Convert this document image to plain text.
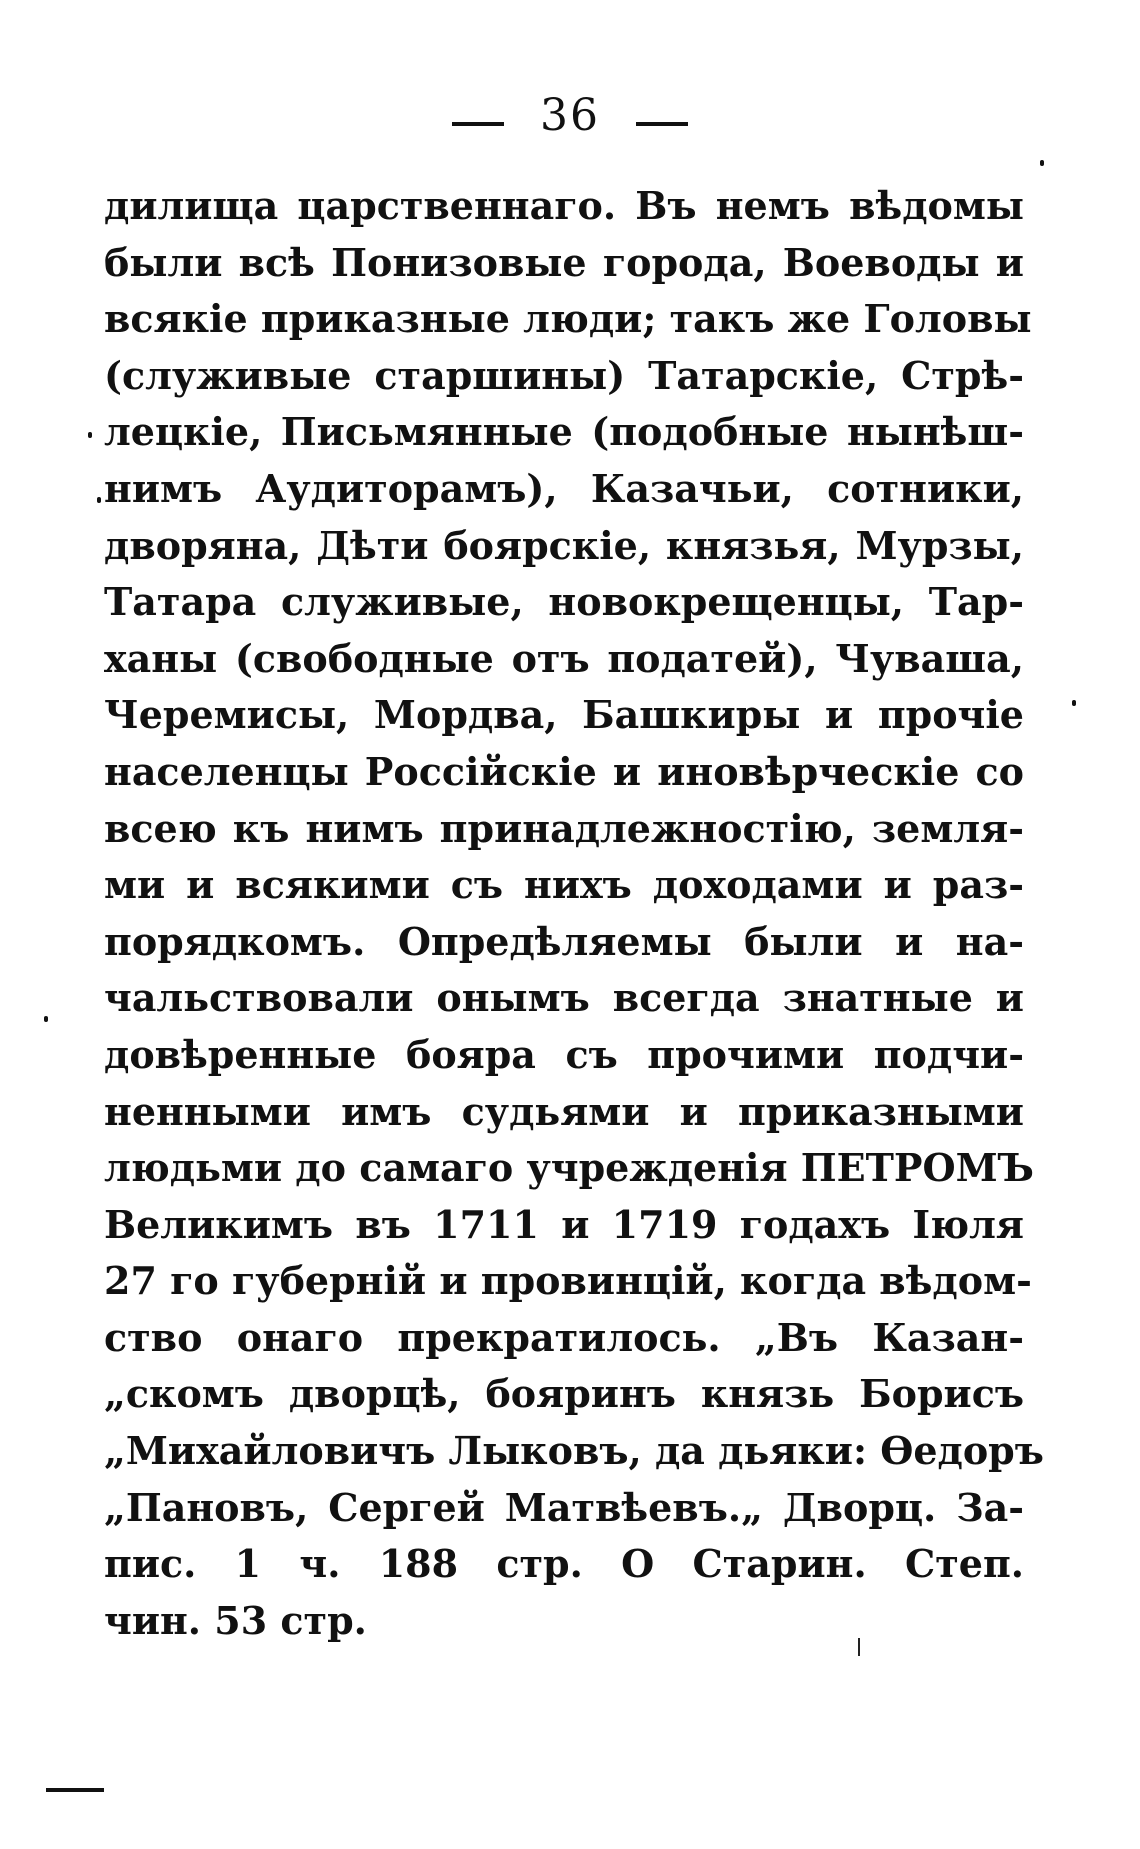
36
дилища царственнаго. Въ немъ вѣдомы
были всѣ Понизовые города, Воеводы и
всякіе приказные люди; такъ же Головы
(служивые старшины) Татарскіе, Стрѣ-
лецкіе, Письмянные (подобные нынѣш-
нимъ Аудиторамъ), Казачьи, сотники,
дворяна, Дѣти боярскіе, князья, Мурзы,
Татара служивые, новокрещенцы, Тар-
ханы (свободные отъ податей), Чуваша,
Черемисы, Мордва, Башкиры и прочіе
населенцы Россійскіе и иновѣрческіе со
всею къ нимъ принадлежностію, земля-
ми и всякими съ нихъ доходами и раз-
порядкомъ. Опредѣляемы были и на-
чальствовали онымъ всегда знатные и
довѣренные бояра съ прочими подчи-
ненными имъ судьями и приказными
людьми до самаго учрежденія ПЕТРОМЪ
Великимъ въ 1711 и 1719 годахъ Іюля
27 го губерній и провинцій, когда вѣдом-
ство онаго прекратилось. „Въ Казан-
„скомъ дворцѣ, бояринъ князь Борисъ
„Михайловичъ Лыковъ, да дьяки: Ѳедоръ
„Пановъ, Сергей Матвѣевъ.„ Дворц. За-
пис. 1 ч. 188 стр. О Старин. Степ.
чин. 53 стр.
